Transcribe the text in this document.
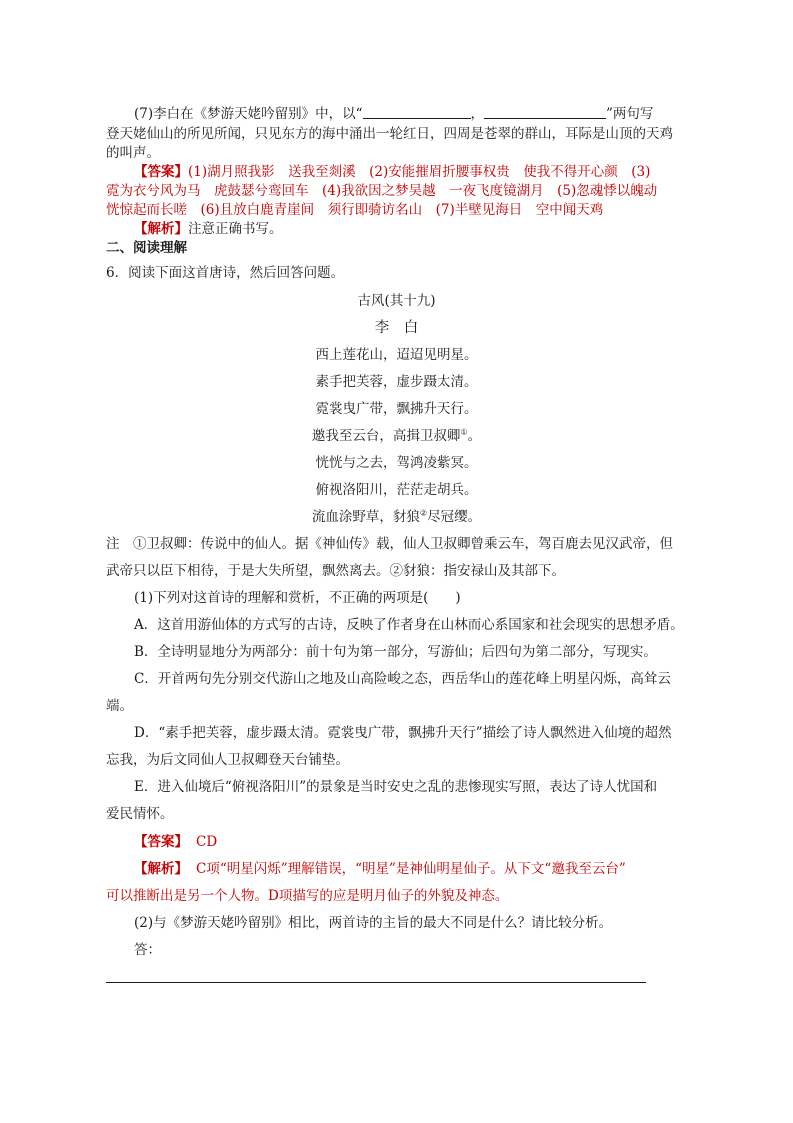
(7)李白在《梦游天姥吟留别》中，以“	，	”两句写
登天姥仙山的所见所闻，只见东方的海中涌出一轮红日，四周是苍翠的群山，耳际是山顶的天鸡
的叫声。
【答案】(1)湖月照我影　送我至剡溪　(2)安能摧眉折腰事权贵　使我不得开心颜　(3)
霓为衣兮风为马　虎鼓瑟兮鸾回车　(4)我欲因之梦吴越　一夜飞度镜湖月　(5)忽魂悸以魄动
恍惊起而长嗟　(6)且放白鹿青崖间　须行即骑访名山　(7)半壁见海日　空中闻天鸡
【解析】注意正确书写。
二、阅读理解
6．阅读下面这首唐诗，然后回答问题。
古风(其十九)
李　白
西上莲花山，迢迢见明星。
素手把芙蓉，虚步蹑太清。
霓裳曳广带，飘拂升天行。
邀我至云台，高揖卫叔卿①。
恍恍与之去，驾鸿凌紫冥。
俯视洛阳川，茫茫走胡兵。
流血涂野草，豺狼②尽冠缨。
注　①卫叔卿：传说中的仙人。据《神仙传》载，仙人卫叔卿曾乘云车，驾百鹿去见汉武帝，但
武帝只以臣下相待，于是大失所望，飘然离去。②豺狼：指安禄山及其部下。
(1)下列对这首诗的理解和赏析，不正确的两项是(　　)
A．这首用游仙体的方式写的古诗，反映了作者身在山林而心系国家和社会现实的思想矛盾。
B．全诗明显地分为两部分：前十句为第一部分，写游仙；后四句为第二部分，写现实。
C．开首两句先分别交代游山之地及山高险峻之态，西岳华山的莲花峰上明星闪烁，高耸云
端。
D．“素手把芙蓉，虚步蹑太清。霓裳曳广带，飘拂升天行”描绘了诗人飘然进入仙境的超然
忘我，为后文同仙人卫叔卿登天台铺垫。
E．进入仙境后“俯视洛阳川”的景象是当时安史之乱的悲惨现实写照，表达了诗人忧国和
爱民情怀。
【答案】 CD
【解析】 C项“明星闪烁”理解错误，“明星”是神仙明星仙子。从下文“邀我至云台”
可以推断出是另一个人物。D项描写的应是明月仙子的外貌及神态。
(2)与《梦游天姥吟留别》相比，两首诗的主旨的最大不同是什么？请比较分析。
答：
